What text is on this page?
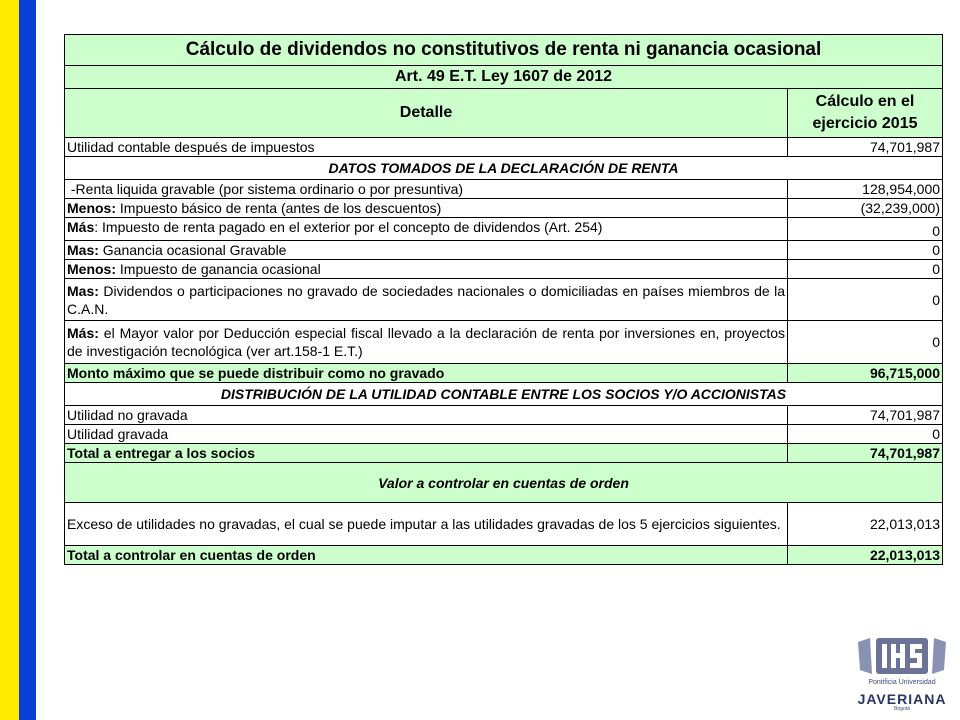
Cálculo de dividendos no constitutivos de renta ni ganancia ocasional	
Art. 49 E.T. Ley 1607 de 2012	
Detalle	Cálculo en el ejercicio 2015
Utilidad contable después de impuestos	74,701,987
DATOS TOMADOS DE LA DECLARACIÓN DE RENTA	
-Renta liquida gravable (por sistema ordinario o por presuntiva)	128,954,000
Menos: Impuesto básico de renta (antes de los descuentos)	(32,239,000)
Más: Impuesto de renta pagado en el exterior por el concepto de dividendos (Art. 254)	0
Mas: Ganancia ocasional Gravable	0
Menos: Impuesto de ganancia ocasional	0
Mas: Dividendos o participaciones no gravado de sociedades nacionales o domiciliadas en países miembros de la C.A.N.	0
Más: el Mayor valor por Deducción especial fiscal llevado a la declaración de renta por inversiones en, proyectos de investigación tecnológica (ver art.158-1 E.T.)	0
Monto máximo que se puede distribuir como no gravado	96,715,000
DISTRIBUCIÓN DE LA UTILIDAD CONTABLE ENTRE LOS SOCIOS Y/O ACCIONISTAS	
Utilidad no gravada	74,701,987
Utilidad gravada	0
Total a entregar a los socios	74,701,987
Valor a controlar en cuentas de orden	
Exceso de utilidades no gravadas, el cual se puede imputar a las utilidades gravadas de los 5 ejercicios siguientes.	22,013,013
Total a controlar en cuentas de orden	22,013,013
Pontificia Universidad
JAVERIANA
Bogotá
